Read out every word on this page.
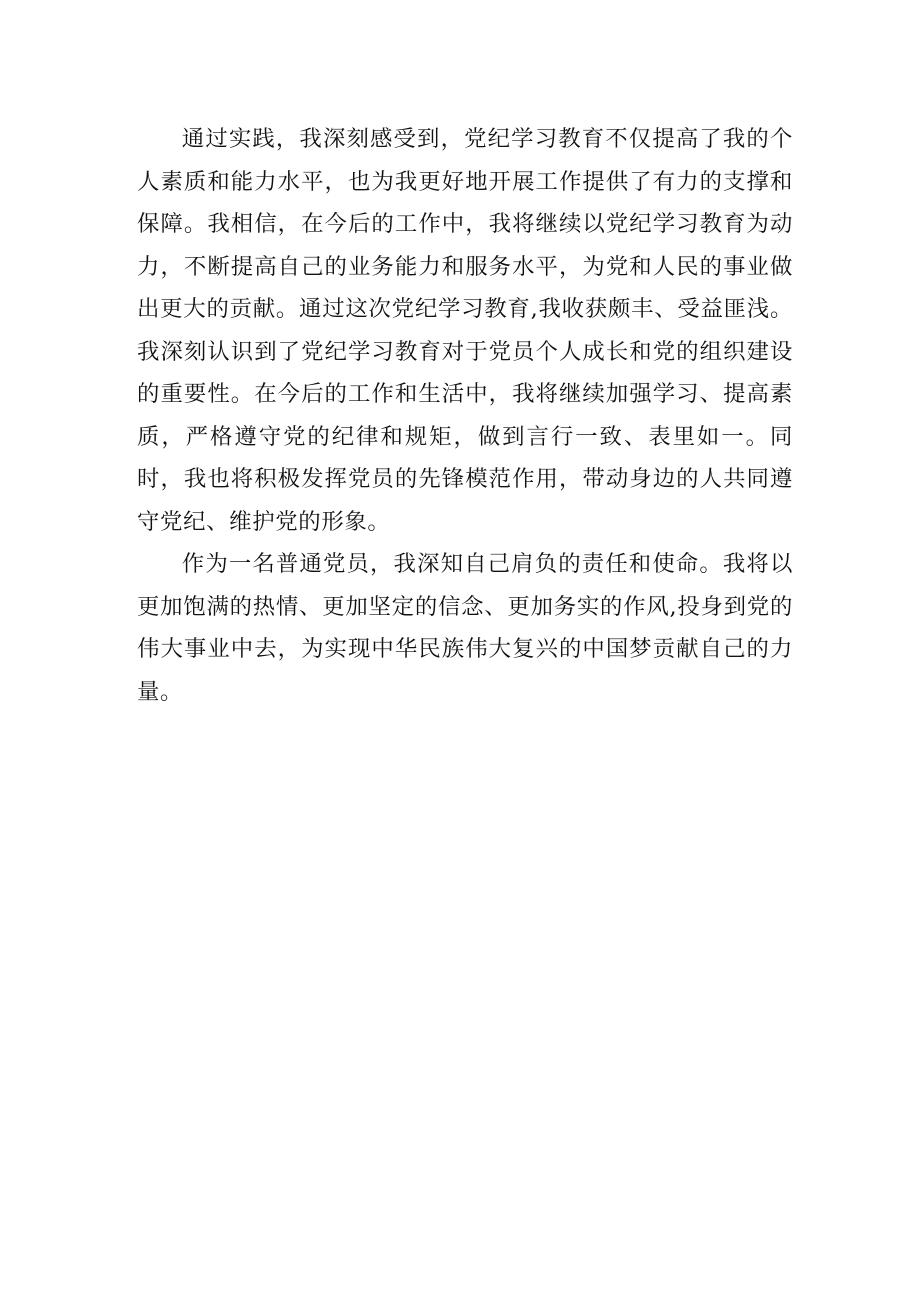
通过实践，我深刻感受到，党纪学习教育不仅提高了我的个人素质和能力水平，也为我更好地开展工作提供了有力的支撑和保障。我相信，在今后的工作中，我将继续以党纪学习教育为动力，不断提高自己的业务能力和服务水平，为党和人民的事业做出更大的贡献。通过这次党纪学习教育,我收获颇丰、受益匪浅。我深刻认识到了党纪学习教育对于党员个人成长和党的组织建设的重要性。在今后的工作和生活中，我将继续加强学习、提高素质，严格遵守党的纪律和规矩，做到言行一致、表里如一。同时，我也将积极发挥党员的先锋模范作用，带动身边的人共同遵守党纪、维护党的形象。

作为一名普通党员，我深知自己肩负的责任和使命。我将以更加饱满的热情、更加坚定的信念、更加务实的作风,投身到党的伟大事业中去，为实现中华民族伟大复兴的中国梦贡献自己的力量。
